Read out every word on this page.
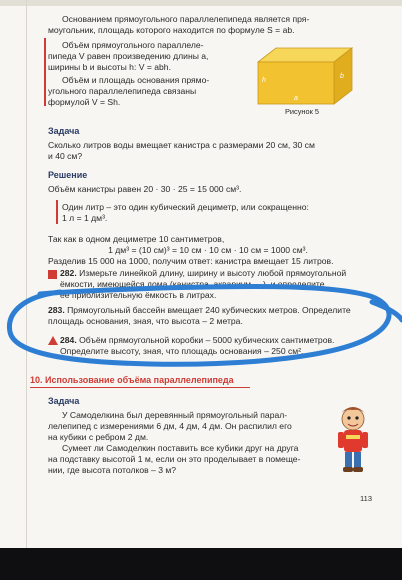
Основанием прямоугольного параллелепипеда является пря-

моугольник, площадь которого находится по формуле S = ab.

Объём прямоугольного параллеле-
пипеда V равен произведению длины a,
ширины b и высоты h: V = abh.

Объём и площадь основания прямо-
угольного параллелепипеда связаны
формулой V = Sh.

h
a
b
Рисунок 5
Задача

Сколько литров воды вмещает канистра с размерами 20 см, 30 см

и 40 см?

Решение
Объём канистры равен 20 · 30 · 25 = 15 000 см³.

Один литр – это один кубический дециметр, или сокращенно:

1 л = 1 дм³.

Так как в одном дециметре 10 сантиметров,

1 дм³ = (10 см)³ = 10 см · 10 см · 10 см = 1000 см³.

Разделив 15 000 на 1000, получим ответ: канистра вмещает 15 литров.

282. Измерьте линейкой длину, ширину и высоту любой прямоугольной

ёмкости, имеющейся дома (канистра, аквариум, ...), и определите

её приблизительную ёмкость в литрах.

283. Прямоугольный бассейн вмещает 240 кубических метров. Определите

площадь основания, зная, что высота – 2 метра.

284. Объём прямоугольной коробки – 5000 кубических сантиметров.

Определите высоту, зная, что площадь основания – 250 см².

10. Использование объёма параллелепипеда
Задача

У Самоделкина был деревянный прямоугольный парал-

лелепипед с измерениями 6 дм, 4 дм, 4 дм. Он распилил его

на кубики с ребром 2 дм.

Сумеет ли Самоделкин поставить все кубики друг на друга

на подставку высотой 1 м, если он это проделывает в помеще-

нии, где высота потолков – 3 м?

113
